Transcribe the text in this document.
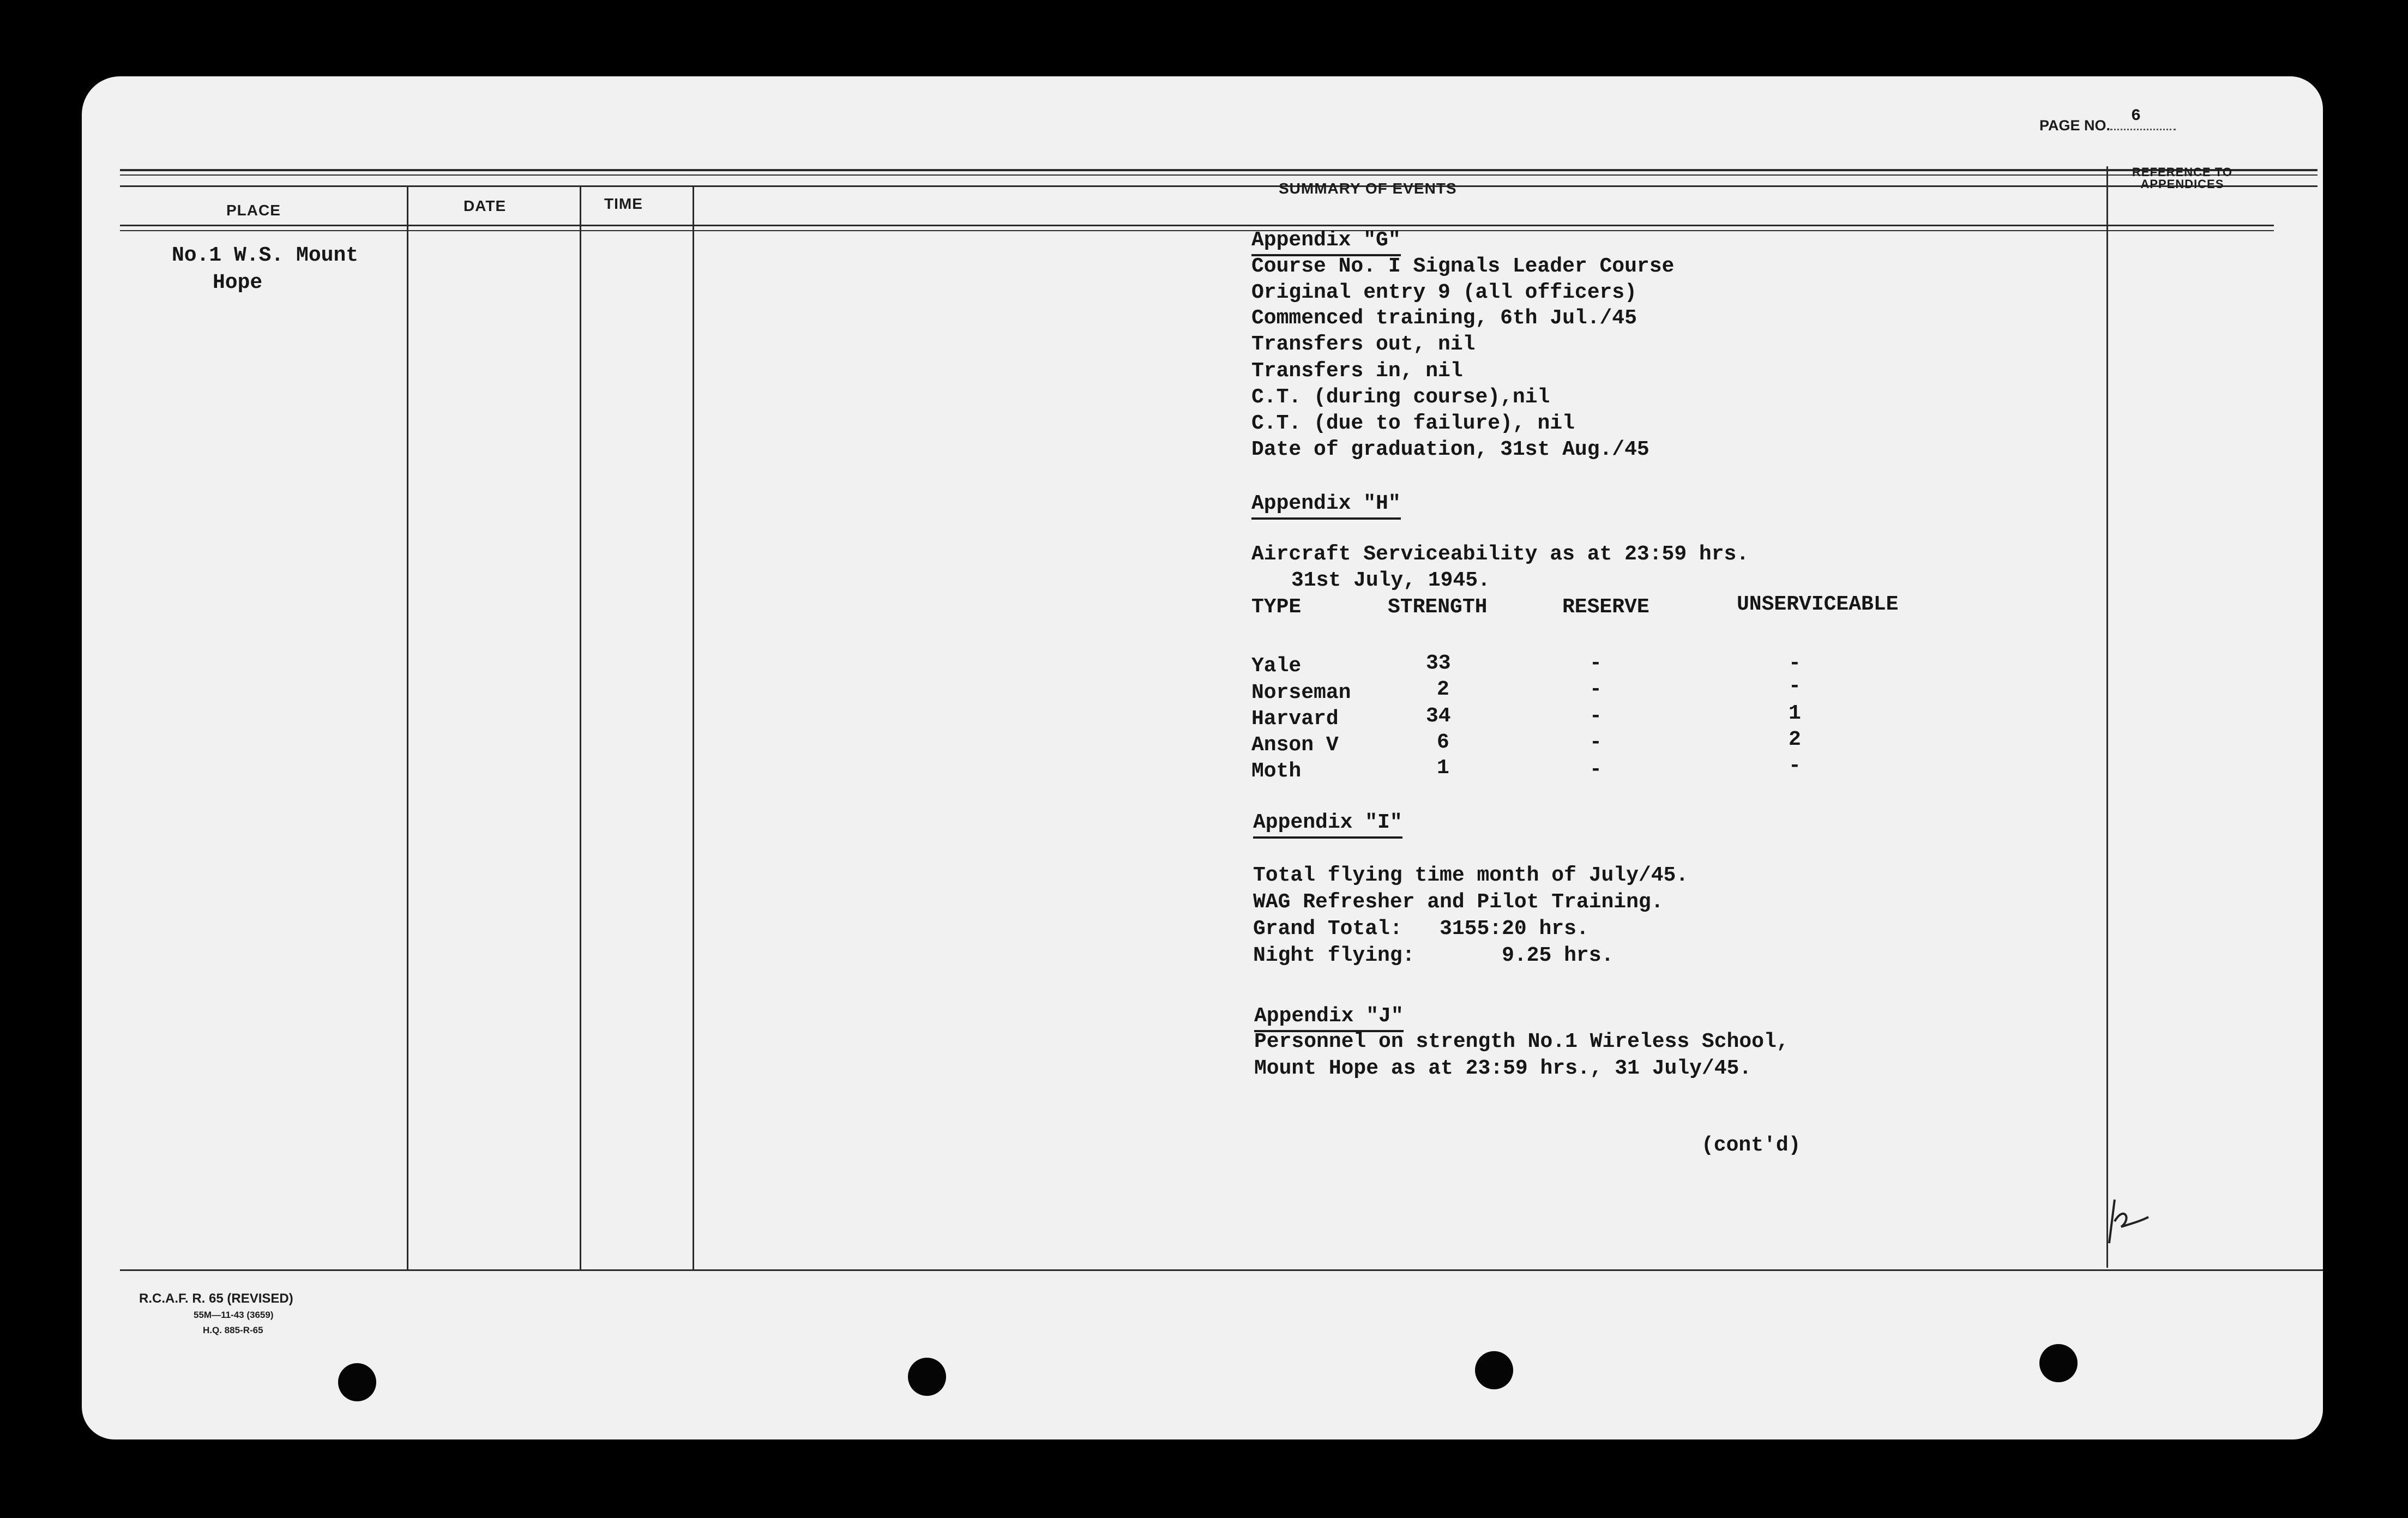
PAGE NO.	6
PLACE	DATE	TIME
SUMMARY OF EVENTS
REFERENCE TO
APPENDICES
No.1 W.S. Mount
Hope
Appendix "G"
Course No. I Signals Leader Course
Original entry 9 (all officers)
Commenced training, 6th Jul./45
Transfers out, nil
Transfers in, nil
C.T. (during course),nil
C.T. (due to failure), nil
Date of graduation, 31st Aug./45
Appendix "H"
Aircraft Serviceability as at 23:59 hrs.
31st July, 1945.
TYPE	STRENGTH	RESERVE	UNSERVICEABLE
Yale	33	-	-
Norseman	2	-	-
Harvard	34	-	1
Anson V	6	-	2
Moth	1	-	-
Appendix "I"
Total flying time month of July/45.
WAG Refresher and Pilot Training.
Grand Total:   3155:20 hrs.
Night flying:       9.25 hrs.
Appendix "J"
Personnel on strength No.1 Wireless School,
Mount Hope as at 23:59 hrs., 31 July/45.
(cont'd)
R.C.A.F. R. 65 (REVISED)
55M—11-43 (3659)
H.Q. 885-R-65
